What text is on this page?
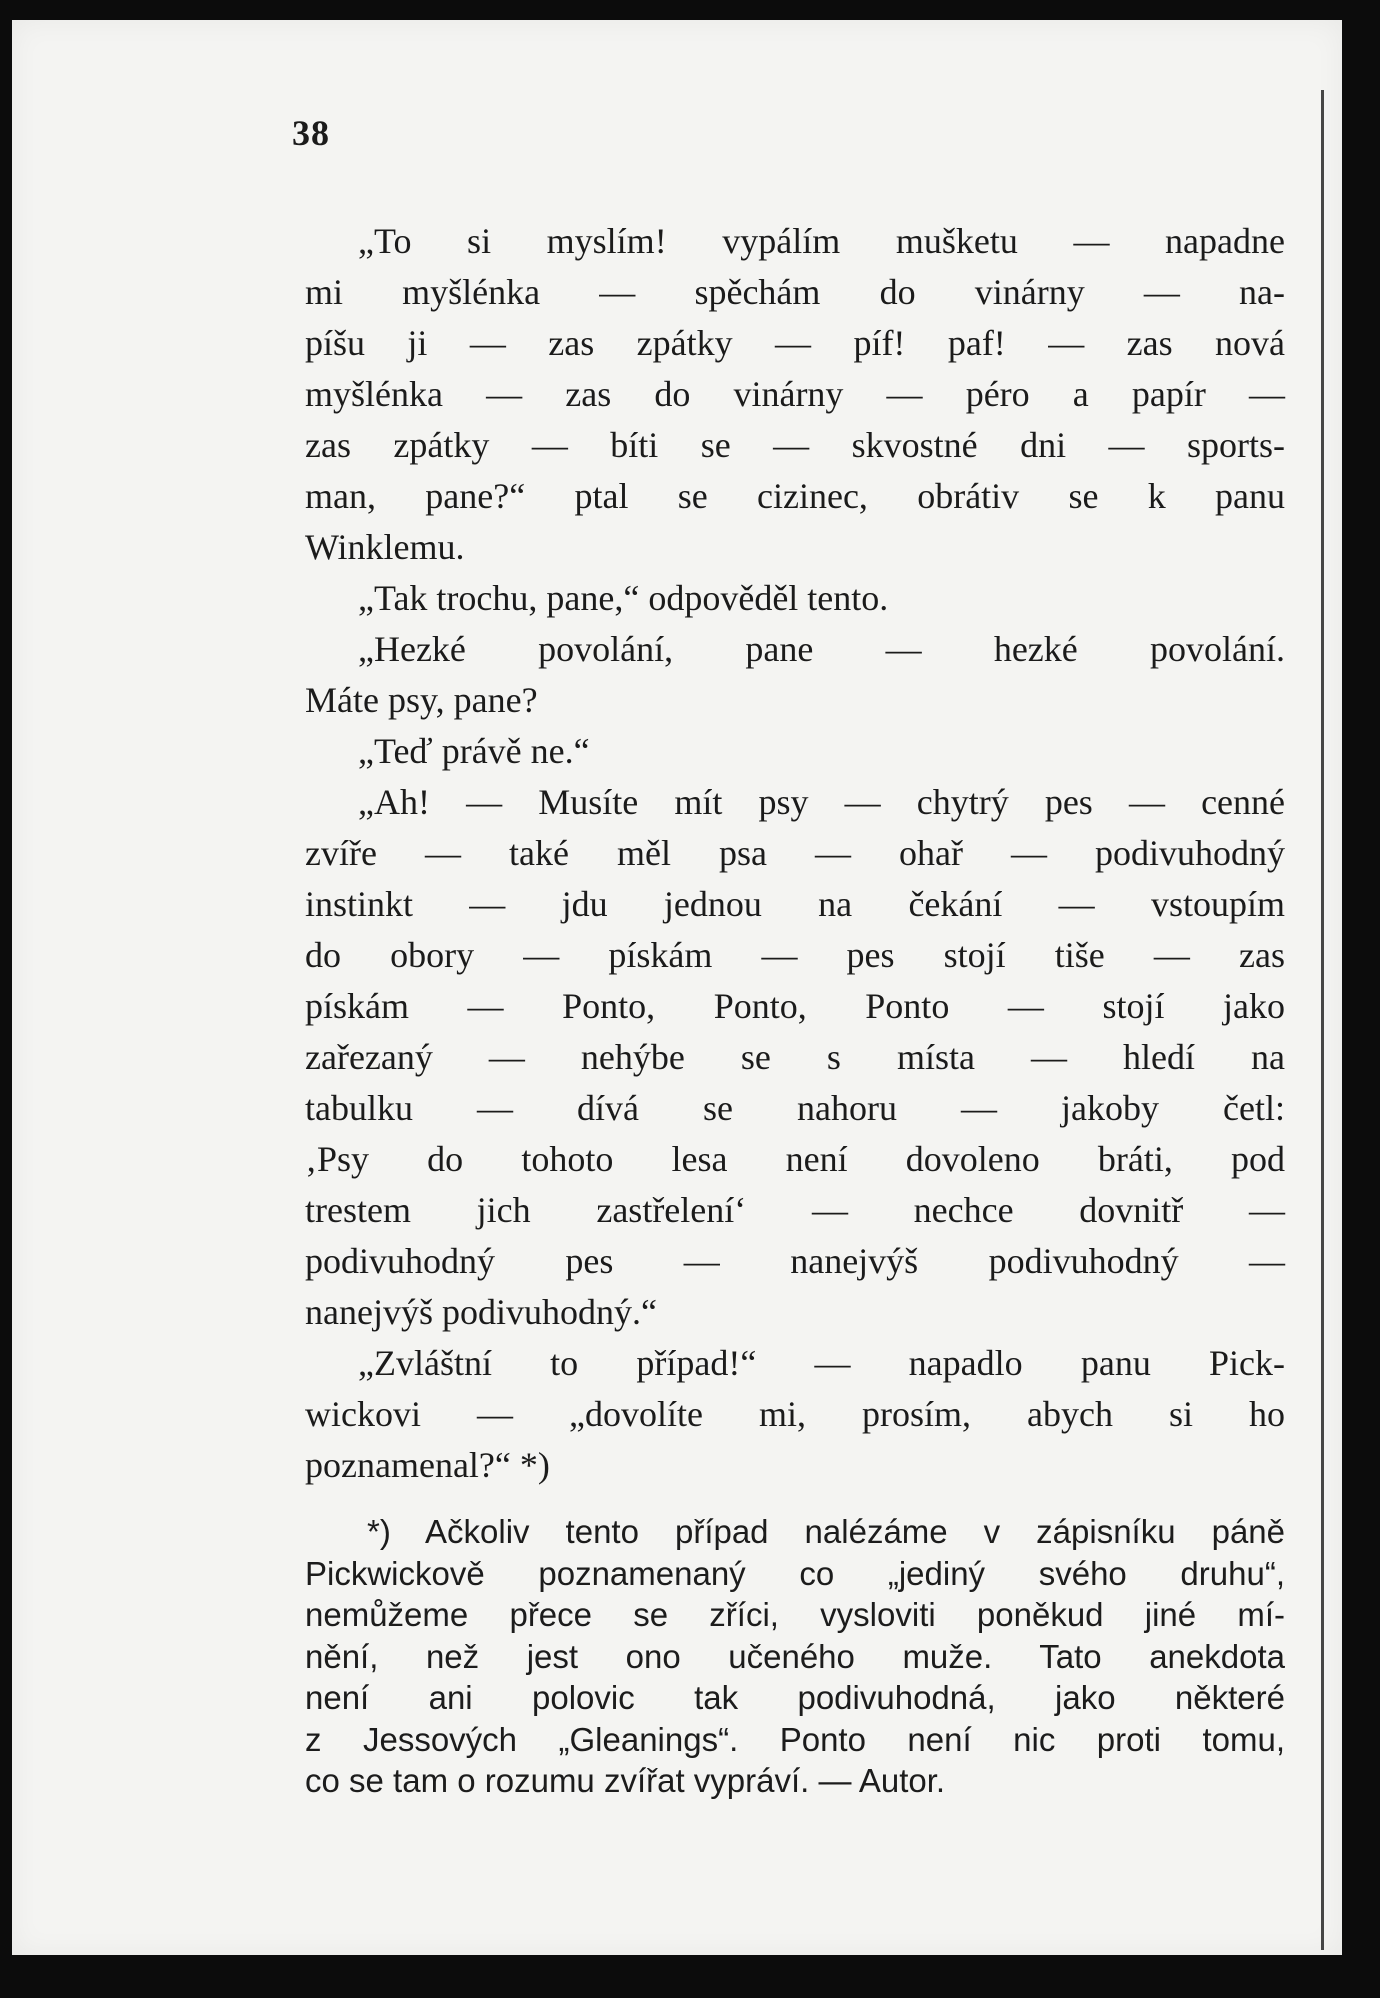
38
„To si myslím! vypálím mušketu — napadne
mi myšlénka — spěchám do vinárny — na-
píšu ji — zas zpátky — píf! paf! — zas nová
myšlénka — zas do vinárny — péro a papír —
zas zpátky — bíti se — skvostné dni — sports-
man, pane?“ ptal se cizinec, obrátiv se k panu
Winklemu.
„Tak trochu, pane,“ odpověděl tento.
„Hezké povolání, pane — hezké povolání.
Máte psy, pane?
„Teď právě ne.“
„Ah! — Musíte mít psy — chytrý pes — cenné
zvíře — také měl psa — ohař — podivuhodný
instinkt — jdu jednou na čekání — vstoupím
do obory — pískám — pes stojí tiše — zas
pískám — Ponto, Ponto, Ponto — stojí jako
zařezaný — nehýbe se s místa — hledí na
tabulku — dívá se nahoru — jakoby četl:
‚Psy do tohoto lesa není dovoleno bráti, pod
trestem jich zastřelení‘ — nechce dovnitř —
podivuhodný pes — nanejvýš podivuhodný —
nanejvýš podivuhodný.“
„Zvláštní to případ!“ — napadlo panu Pick-
wickovi — „dovolíte mi, prosím, abych si ho
poznamenal?“ *)
*) Ačkoliv tento případ nalézáme v zápisníku páně
Pickwickově poznamenaný co „jediný svého druhu“,
nemůžeme přece se zříci, vysloviti poněkud jiné mí-
nění, než jest ono učeného muže. Tato anekdota
není ani polovic tak podivuhodná, jako některé
z Jessových „Gleanings“. Ponto není nic proti tomu,
co se tam o rozumu zvířat vypráví. — Autor.
